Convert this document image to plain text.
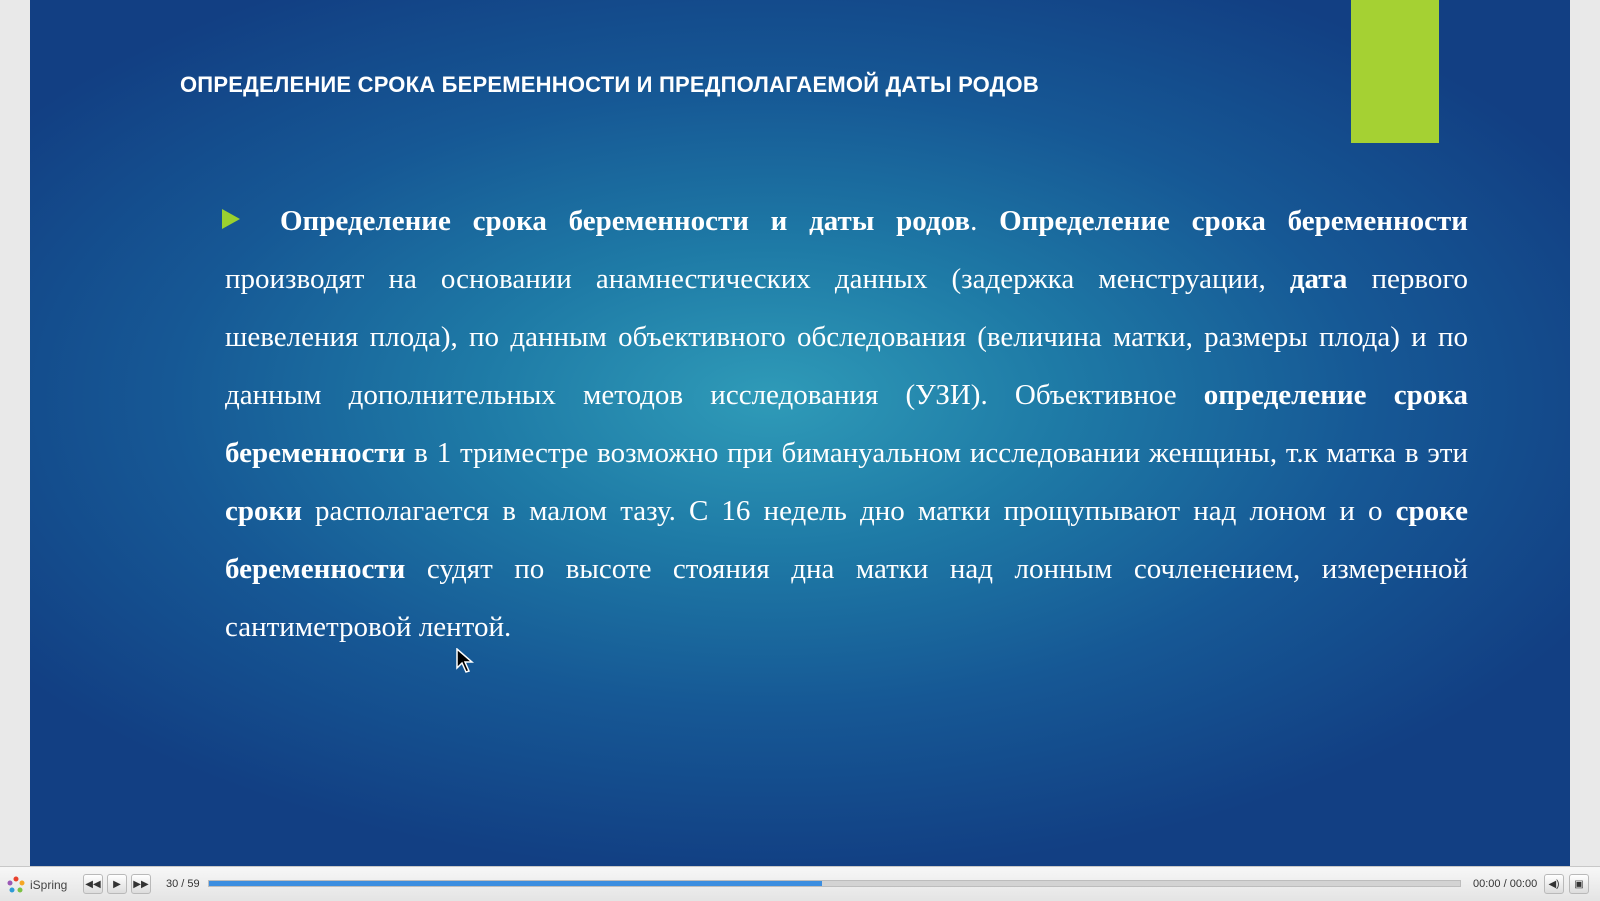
ОПРЕДЕЛЕНИЕ СРОКА БЕРЕМЕННОСТИ И ПРЕДПОЛАГАЕМОЙ ДАТЫ РОДОВ

Определение срока беременности и даты родов. Определение срока беременности производят на основании анамнестических данных (задержка менструации, дата первого шевеления плода), по данным объективного обследования (величина матки, размеры плода) и по данным дополнительных методов исследования (УЗИ). Объективное определение срока беременности в 1 триместре возможно при бимануальном исследовании женщины, т.к матка в эти сроки располагается в малом тазу. С 16 недель дно матки прощупывают над лоном и о сроке беременности судят по высоте стояния дна матки над лонным сочленением, измеренной сантиметровой лентой.

iSpring ◀◀ ▶ ▶▶ 30 / 59	00:00 / 00:00 ◀) ▣
